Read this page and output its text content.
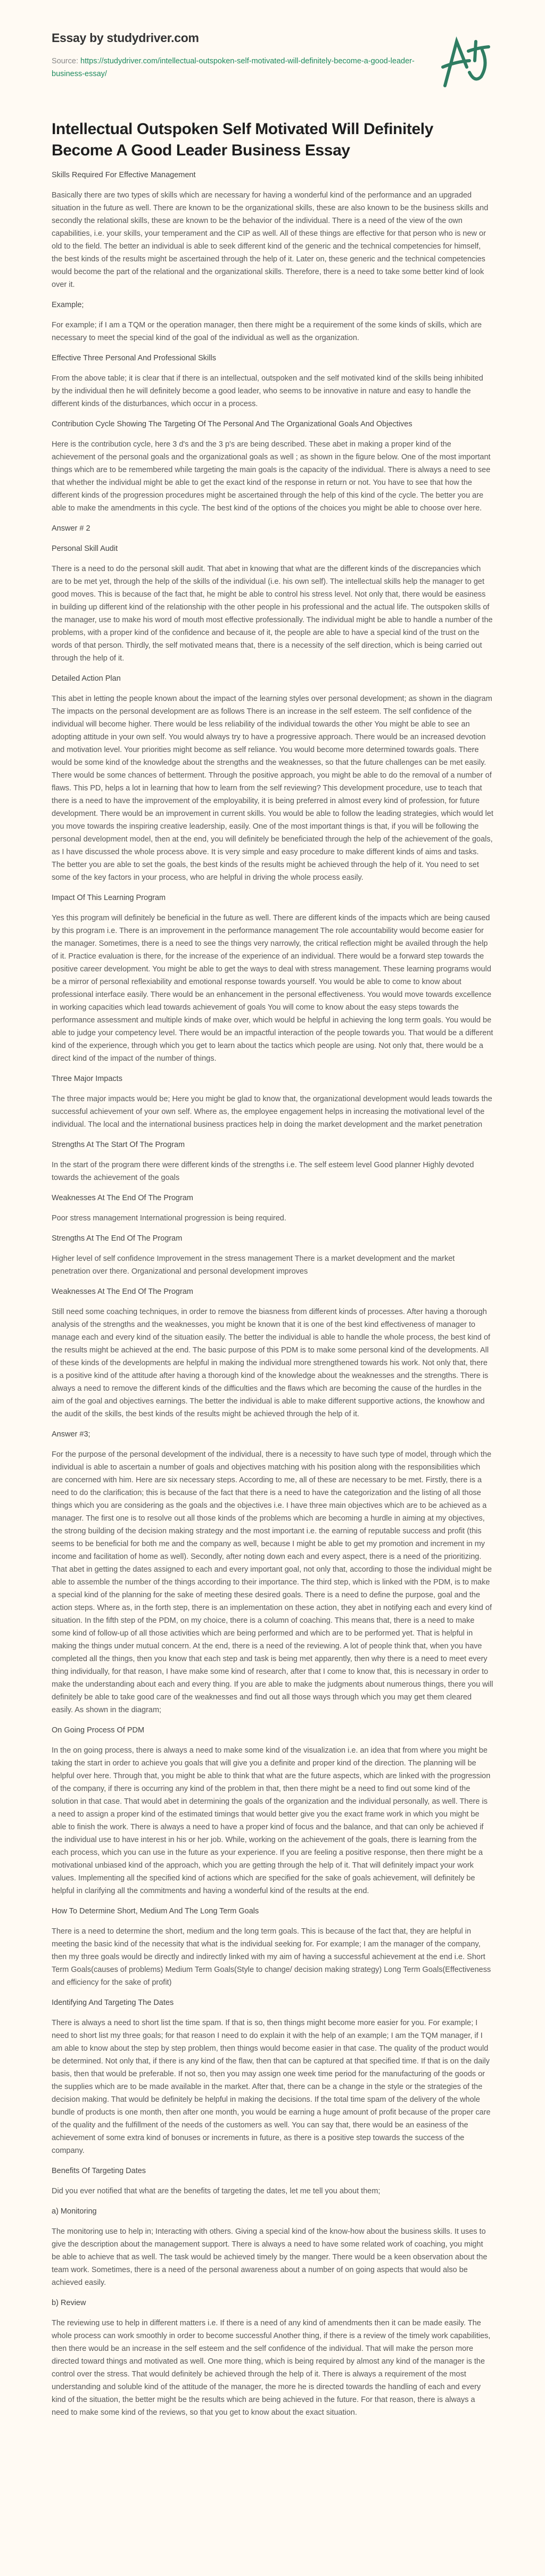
Essay by studydriver.com

Source: https://studydriver.com/intellectual-outspoken-self-motivated-will-definitely-become-a-good-leader-business-essay/

Intellectual Outspoken Self Motivated Will Definitely Become A Good Leader Business Essay
Skills Required For Effective Management

Basically there are two types of skills which are necessary for having a wonderful kind of the performance and an upgraded situation in the future as well. There are known to be the organizational skills, these are also known to be the business skills and secondly the relational skills, these are known to be the behavior of the individual. There is a need of the view of the own capabilities, i.e. your skills, your temperament and the CIP as well. All of these things are effective for that person who is new or old to the field. The better an individual is able to seek different kind of the generic and the technical competencies for himself, the best kinds of the results might be ascertained through the help of it. Later on, these generic and the technical competencies would become the part of the relational and the organizational skills. Therefore, there is a need to take some better kind of look over it.

Example;

For example; if I am a TQM or the operation manager, then there might be a requirement of the some kinds of skills, which are necessary to meet the special kind of the goal of the individual as well as the organization.

Effective Three Personal And Professional Skills

From the above table; it is clear that if there is an intellectual, outspoken and the self motivated kind of the skills being inhibited by the individual then he will definitely become a good leader, who seems to be innovative in nature and easy to handle the different kinds of the disturbances, which occur in a process.

Contribution Cycle Showing The Targeting Of The Personal And The Organizational Goals And Objectives

Here is the contribution cycle, here 3 d's and the 3 p's are being described. These abet in making a proper kind of the achievement of the personal goals and the organizational goals as well ; as shown in the figure below. One of the most important things which are to be remembered while targeting the main goals is the capacity of the individual. There is always a need to see that whether the individual might be able to get the exact kind of the response in return or not. You have to see that how the different kinds of the progression procedures might be ascertained through the help of this kind of the cycle. The better you are able to make the amendments in this cycle. The best kind of the options of the choices you might be able to choose over here.

Answer # 2
Personal Skill Audit

There is a need to do the personal skill audit. That abet in knowing that what are the different kinds of the discrepancies which are to be met yet, through the help of the skills of the individual (i.e. his own self). The intellectual skills help the manager to get good moves. This is because of the fact that, he might be able to control his stress level. Not only that, there would be easiness in building up different kind of the relationship with the other people in his professional and the actual life. The outspoken skills of the manager, use to make his word of mouth most effective professionally. The individual might be able to handle a number of the problems, with a proper kind of the confidence and because of it, the people are able to have a special kind of the trust on the words of that person. Thirdly, the self motivated means that, there is a necessity of the self direction, which is being carried out through the help of it.

Detailed Action Plan

This abet in letting the people known about the impact of the learning styles over personal development; as shown in the diagram The impacts on the personal development are as follows There is an increase in the self esteem. The self confidence of the individual will become higher. There would be less reliability of the individual towards the other You might be able to see an adopting attitude in your own self. You would always try to have a progressive approach. There would be an increased devotion and motivation level. Your priorities might become as self reliance. You would become more determined towards goals. There would be some kind of the knowledge about the strengths and the weaknesses, so that the future challenges can be met easily. There would be some chances of betterment. Through the positive approach, you might be able to do the removal of a number of flaws. This PD, helps a lot in learning that how to learn from the self reviewing? This development procedure, use to teach that there is a need to have the improvement of the employability, it is being preferred in almost every kind of profession, for future development. There would be an improvement in current skills. You would be able to follow the leading strategies, which would let you move towards the inspiring creative leadership, easily. One of the most important things is that, if you will be following the personal development model, then at the end, you will definitely be beneficiated through the help of the achievement of the goals, as I have discussed the whole process above. It is very simple and easy procedure to make different kinds of aims and tasks. The better you are able to set the goals, the best kinds of the results might be achieved through the help of it. You need to set some of the key factors in your process, who are helpful in driving the whole process easily.

Impact Of This Learning Program

Yes this program will definitely be beneficial in the future as well. There are different kinds of the impacts which are being caused by this program i.e. There is an improvement in the performance management The role accountability would become easier for the manager. Sometimes, there is a need to see the things very narrowly, the critical reflection might be availed through the help of it. Practice evaluation is there, for the increase of the experience of an individual. There would be a forward step towards the positive career development. You might be able to get the ways to deal with stress management. These learning programs would be a mirror of personal reflexiability and emotional response towards yourself. You would be able to come to know about professional interface easily. There would be an enhancement in the personal effectiveness. You would move towards excellence in working capacities which lead towards achievement of goals You will come to know about the easy steps towards the performance assessment and multiple kinds of make over, which would be helpful in achieving the long term goals. You would be able to judge your competency level. There would be an impactful interaction of the people towards you. That would be a different kind of the experience, through which you get to learn about the tactics which people are using. Not only that, there would be a direct kind of the impact of the number of things.

Three Major Impacts

The three major impacts would be; Here you might be glad to know that, the organizational development would leads towards the successful achievement of your own self. Where as, the employee engagement helps in increasing the motivational level of the individual. The local and the international business practices help in doing the market development and the market penetration

Strengths At The Start Of The Program

In the start of the program there were different kinds of the strengths i.e. The self esteem level Good planner Highly devoted towards the achievement of the goals

Weaknesses At The End Of The Program

Poor stress management International progression is being required.

Strengths At The End Of The Program

Higher level of self confidence Improvement in the stress management There is a market development and the market penetration over there. Organizational and personal development improves

Weaknesses At The End Of The Program

Still need some coaching techniques, in order to remove the biasness from different kinds of processes. After having a thorough analysis of the strengths and the weaknesses, you might be known that it is one of the best kind effectiveness of manager to manage each and every kind of the situation easily. The better the individual is able to handle the whole process, the best kind of the results might be achieved at the end. The basic purpose of this PDM is to make some personal kind of the developments. All of these kinds of the developments are helpful in making the individual more strengthened towards his work. Not only that, there is a positive kind of the attitude after having a thorough kind of the knowledge about the weaknesses and the strengths. There is always a need to remove the different kinds of the difficulties and the flaws which are becoming the cause of the hurdles in the aim of the goal and objectives earnings. The better the individual is able to make different supportive actions, the knowhow and the audit of the skills, the best kinds of the results might be achieved through the help of it.

Answer #3;

For the purpose of the personal development of the individual, there is a necessity to have such type of model, through which the individual is able to ascertain a number of goals and objectives matching with his position along with the responsibilities which are concerned with him. Here are six necessary steps. According to me, all of these are necessary to be met. Firstly, there is a need to do the clarification; this is because of the fact that there is a need to have the categorization and the listing of all those things which you are considering as the goals and the objectives i.e. I have three main objectives which are to be achieved as a manager. The first one is to resolve out all those kinds of the problems which are becoming a hurdle in aiming at my objectives, the strong building of the decision making strategy and the most important i.e. the earning of reputable success and profit (this seems to be beneficial for both me and the company as well, because I might be able to get my promotion and increment in my income and facilitation of home as well). Secondly, after noting down each and every aspect, there is a need of the prioritizing. That abet in getting the dates assigned to each and every important goal, not only that, according to those the individual might be able to assemble the number of the things according to their importance. The third step, which is linked with the PDM, is to make a special kind of the planning for the sake of meeting these desired goals. There is a need to define the purpose, goal and the action steps. Where as, in the forth step, there is an implementation on these action, they abet in notifying each and every kind of situation. In the fifth step of the PDM, on my choice, there is a column of coaching. This means that, there is a need to make some kind of follow-up of all those activities which are being performed and which are to be performed yet. That is helpful in making the things under mutual concern. At the end, there is a need of the reviewing. A lot of people think that, when you have completed all the things, then you know that each step and task is being met apparently, then why there is a need to meet every thing individually, for that reason, I have make some kind of research, after that I come to know that, this is necessary in order to make the understanding about each and every thing. If you are able to make the judgments about numerous things, there you will definitely be able to take good care of the weaknesses and find out all those ways through which you may get them cleared easily. As shown in the diagram;

On Going Process Of PDM

In the on going process, there is always a need to make some kind of the visualization i.e. an idea that from where you might be taking the start in order to achieve you goals that will give you a definite and proper kind of the direction. The planning will be helpful over here. Through that, you might be able to think that what are the future aspects, which are linked with the progression of the company, if there is occurring any kind of the problem in that, then there might be a need to find out some kind of the solution in that case. That would abet in determining the goals of the organization and the individual personally, as well. There is a need to assign a proper kind of the estimated timings that would better give you the exact frame work in which you might be able to finish the work. There is always a need to have a proper kind of focus and the balance, and that can only be achieved if the individual use to have interest in his or her job. While, working on the achievement of the goals, there is learning from the each process, which you can use in the future as your experience. If you are feeling a positive response, then there might be a motivational unbiased kind of the approach, which you are getting through the help of it. That will definitely impact your work values. Implementing all the specified kind of actions which are specified for the sake of goals achievement, will definitely be helpful in clarifying all the commitments and having a wonderful kind of the results at the end.

How To Determine Short, Medium And The Long Term Goals

There is a need to determine the short, medium and the long term goals. This is because of the fact that, they are helpful in meeting the basic kind of the necessity that what is the individual seeking for. For example; I am the manager of the company, then my three goals would be directly and indirectly linked with my aim of having a successful achievement at the end i.e. Short Term Goals(causes of problems) Medium Term Goals(Style to change/ decision making strategy) Long Term Goals(Effectiveness and efficiency for the sake of profit)

Identifying And Targeting The Dates

There is always a need to short list the time spam. If that is so, then things might become more easier for you. For example; I need to short list my three goals; for that reason I need to do explain it with the help of an example; I am the TQM manager, if I am able to know about the step by step problem, then things would become easier in that case. The quality of the product would be determined. Not only that, if there is any kind of the flaw, then that can be captured at that specified time. If that is on the daily basis, then that would be preferable. If not so, then you may assign one week time period for the manufacturing of the goods or the supplies which are to be made available in the market. After that, there can be a change in the style or the strategies of the decision making. That would be definitely be helpful in making the decisions. If the total time spam of the delivery of the whole bundle of products is one month, then after one month, you would be earning a huge amount of profit because of the proper care of the quality and the fulfillment of the needs of the customers as well. You can say that, there would be an easiness of the achievement of some extra kind of bonuses or increments in future, as there is a positive step towards the success of the company.

Benefits Of Targeting Dates

Did you ever notified that what are the benefits of targeting the dates, let me tell you about them;

a) Monitoring

The monitoring use to help in; Interacting with others. Giving a special kind of the know-how about the business skills. It uses to give the description about the management support. There is always a need to have some related work of coaching, you might be able to achieve that as well. The task would be achieved timely by the manger. There would be a keen observation about the team work. Sometimes, there is a need of the personal awareness about a number of on going aspects that would also be achieved easily.

b) Review

The reviewing use to help in different matters i.e. If there is a need of any kind of amendments then it can be made easily. The whole process can work smoothly in order to become successful Another thing, if there is a review of the timely work capabilities, then there would be an increase in the self esteem and the self confidence of the individual. That will make the person more directed toward things and motivated as well. One more thing, which is being required by almost any kind of the manager is the control over the stress. That would definitely be achieved through the help of it. There is always a requirement of the most understanding and soluble kind of the attitude of the manager, the more he is directed towards the handling of each and every kind of the situation, the better might be the results which are being achieved in the future. For that reason, there is always a need to make some kind of the reviews, so that you get to know about the exact situation.
